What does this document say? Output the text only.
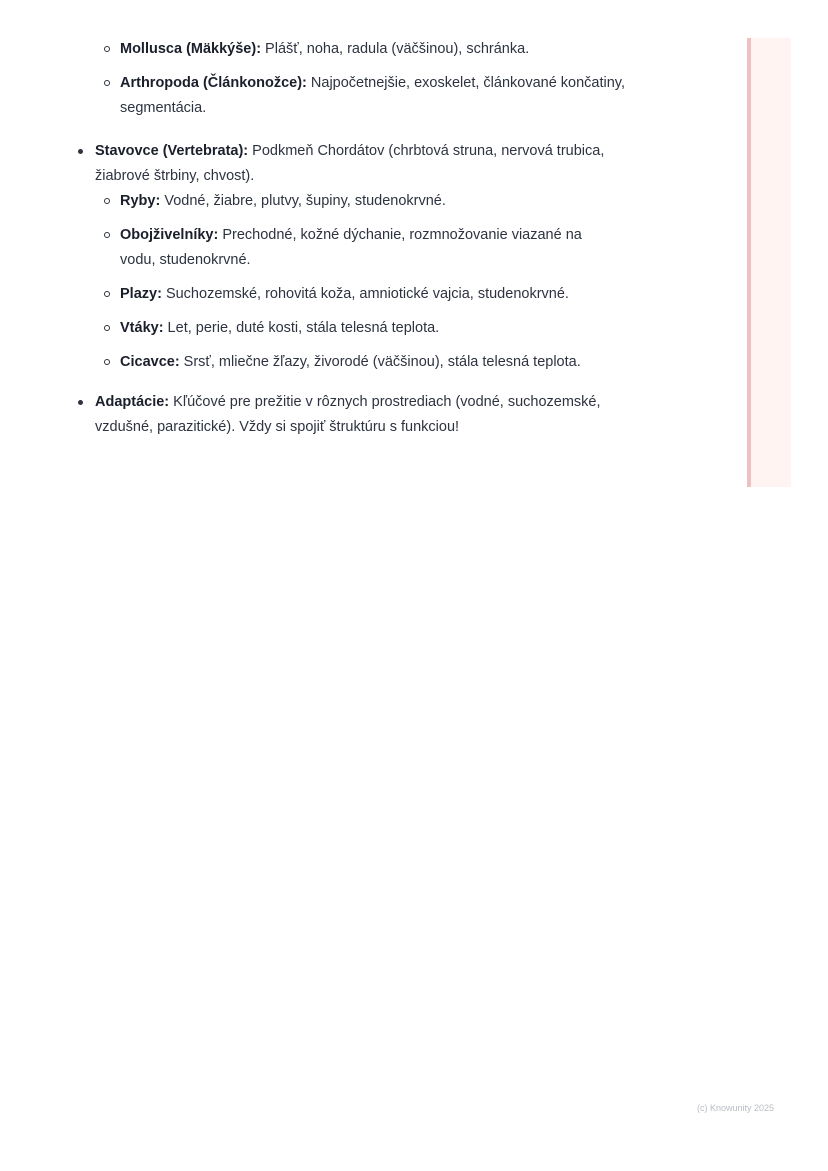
Mollusca (Mäkkýše): Plášť, noha, radula (väčšinou), schránka.
Arthropoda (Článkonožce): Najpočetnejšie, exoskelet, článkované končatiny, segmentácia.
Stavovce (Vertebrata): Podkmeň Chordátov (chrbtová struna, nervová trubica, žiabrové štrbiny, chvost).
Ryby: Vodné, žiabre, plutvy, šupiny, studenokrvné.
Obojživelníky: Prechodné, kožné dýchanie, rozmnožovanie viazané na vodu, studenokrvné.
Plazy: Suchozemské, rohovitá koža, amniotické vajcia, studenokrvné.
Vtáky: Let, perie, duté kosti, stála telesná teplota.
Cicavce: Srsť, mliečne žľazy, živorodé (väčšinou), stála telesná teplota.
Adaptácie: Kľúčové pre prežitie v rôznych prostrediach (vodné, suchozemské, vzdušné, parazitické). Vždy si spojiť štruktúru s funkciou!
(c) Knowunity 2025
